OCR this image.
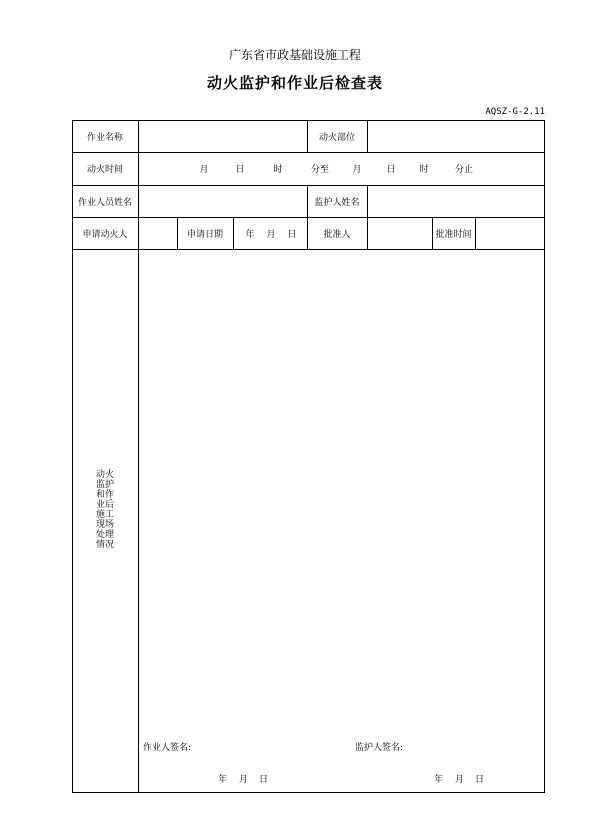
广东省市政基础设施工程
动火监护和作业后检查表
AQSZ-G-2.11
作业名称	动火部位
动火时间	月	日	时	分至	月	日	时	分止
作业人员姓名	监护人姓名
申请动火人	申请日期	年 月 日	批准人	批准时间
动火
监护
和作
业后
施工
现场
处理
情况
作业人签名:	监护人签名:
年 月 日	年 月 日
